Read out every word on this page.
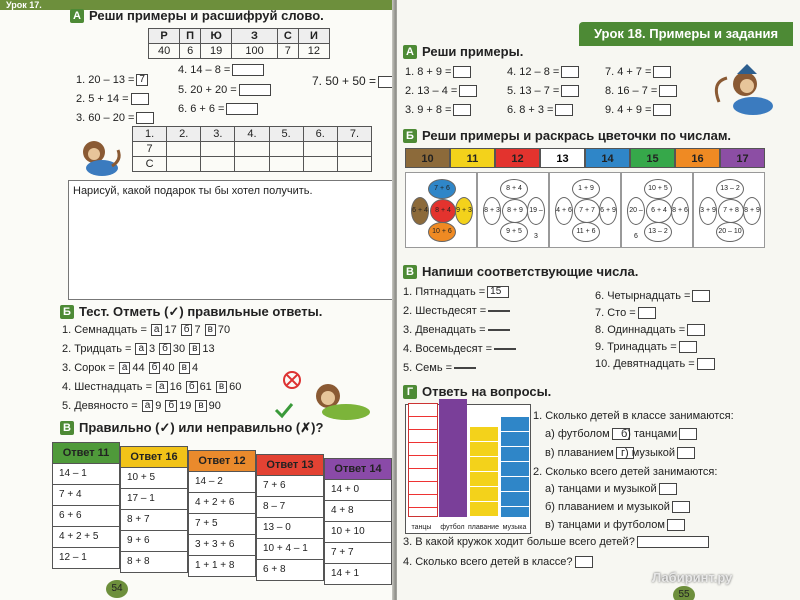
Урок 17.
А Реши примеры и расшифруй слово.
Р	П	Ю	З	С	И
40	6	19	100	7	12
1. 20 – 13 = 7
2. 5 + 14 =
3. 60 – 20 =
4. 14 – 8 =
5. 20 + 20 =
6. 6 + 6 =
7. 50 + 50 =
1.	2.	3.	4.	5.	6.	7.
7						
С						
Нарисуй, какой подарок ты бы хотел получить.
Б Тест. Отметь (✓) правильные ответы.
1. Семнадцать = а 17 б 7 в 70
2. Тридцать = а 3 б 30 в 13
3. Сорок = а 44 б 40 в 4
4. Шестнадцать = а 16 б 61 в 60
5. Девяносто = а 9 б 19 в 90
В Правильно (✓) или неправильно (✗)?
Ответ 11
14 – 1
7 + 4
6 + 6
4 + 2 + 5
12 – 1
Ответ 16
10 + 5
17 – 1
8 + 7
9 + 6
8 + 8
Ответ 12
14 – 2
4 + 2 + 6
7 + 5
3 + 3 + 6
1 + 1 + 8
Ответ 13
7 + 6
8 – 7
13 – 0
10 + 4 – 1
6 + 8
Ответ 14
14 + 0
4 + 8
10 + 10
7 + 7
14 + 1
54
Урок 18. Примеры и задания
А Реши примеры.
1. 8 + 9 =
2. 13 – 4 =
3. 9 + 8 =
4. 12 – 8 =
5. 13 – 7 =
6. 8 + 3 =
7. 4 + 7 =
8. 16 – 7 =
9. 4 + 9 =
Б Реши примеры и раскрась цветочки по числам.
10	11	12	13	14	15	16	17
7 + 6
6 + 4	8 + 4 9 + 3
10 + 6
8 + 4
8 + 3	8 + 9 19 – 3
9 + 5
1 + 9
4 + 6	7 + 7 6 + 9
11 + 6
10 + 5
20 – 6
6 + 4 8 + 6
13 – 2
13 – 2
3 + 9	7 + 8 8 + 9
20 – 10
В Напиши соответствующие числа.
1. Пятнадцать = 15
2. Шестьдесят =
3. Двенадцать =
4. Восемьдесят =
5. Семь =
6. Четырнадцать =
7. Сто =
8. Одиннадцать =
9. Тринадцать =
10. Девятнадцать =
Г Ответь на вопросы.
танцы	футбол плавание музыка
1. Сколько детей в классе занимаются:
а) футболом	б) танцами
в) плаванием г) музыкой
2. Сколько всего детей занимаются:
а) танцами и музыкой
б) плаванием и музыкой
в) танцами и футболом
3. В какой кружок ходит больше всего детей?
4. Сколько всего детей в классе?
Лабиринт.ру
55
